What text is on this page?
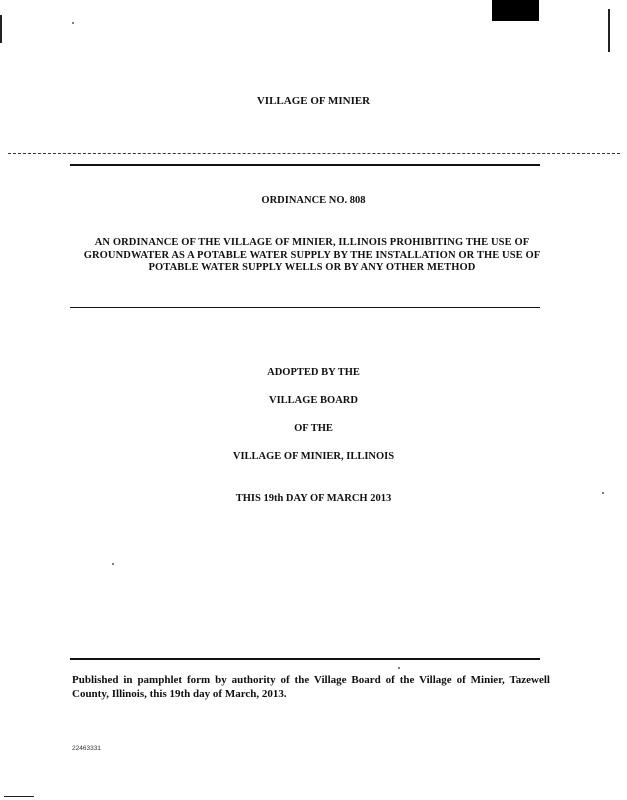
VILLAGE OF MINIER
ORDINANCE NO. 808
AN ORDINANCE OF THE VILLAGE OF MINIER, ILLINOIS PROHIBITING THE USE OF GROUNDWATER AS A POTABLE WATER SUPPLY BY THE INSTALLATION OR THE USE OF POTABLE WATER SUPPLY WELLS OR BY ANY OTHER METHOD
ADOPTED BY THE
VILLAGE BOARD
OF THE
VILLAGE OF MINIER, ILLINOIS
THIS 19th DAY OF MARCH 2013
Published in pamphlet form by authority of the Village Board of the Village of Minier, Tazewell County, Illinois, this 19th day of March, 2013.
22463331
